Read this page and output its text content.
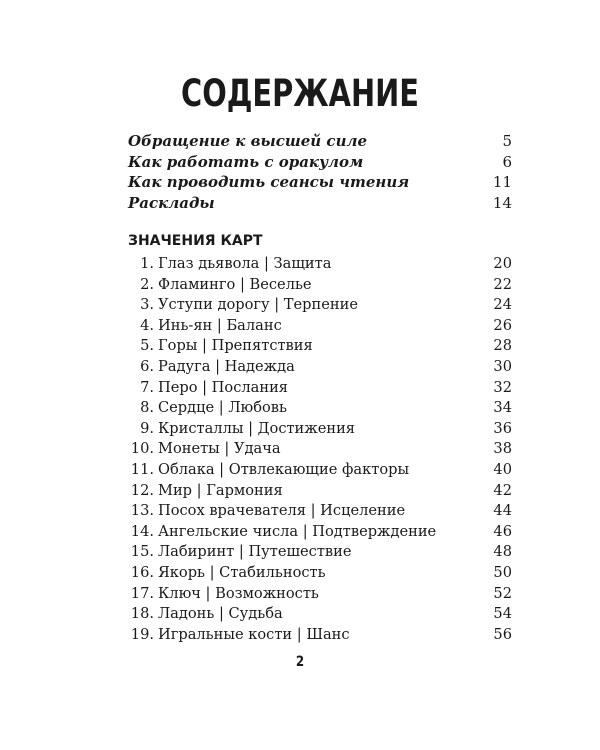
СОДЕРЖАНИЕ
Обращение к высшей силе	5
Как работать с оракулом	6
Как проводить сеансы чтения	11
Расклады	14
ЗНАЧЕНИЯ КАРТ
1. Глаз дьявола | Защита	20
2. Фламинго | Веселье	22
3. Уступи дорогу | Терпение	24
4. Инь-ян | Баланс	26
5. Горы | Препятствия	28
6. Радуга | Надежда	30
7. Перо | Послания	32
8. Сердце | Любовь	34
9. Кристаллы | Достижения	36
10. Монеты | Удача	38
11. Облака | Отвлекающие факторы	40
12. Мир | Гармония	42
13. Посох врачевателя | Исцеление	44
14. Ангельские числа | Подтверждение	46
15. Лабиринт | Путешествие	48
16. Якорь | Стабильность	50
17. Ключ | Возможность	52
18. Ладонь | Судьба	54
19. Игральные кости | Шанс	56
2
